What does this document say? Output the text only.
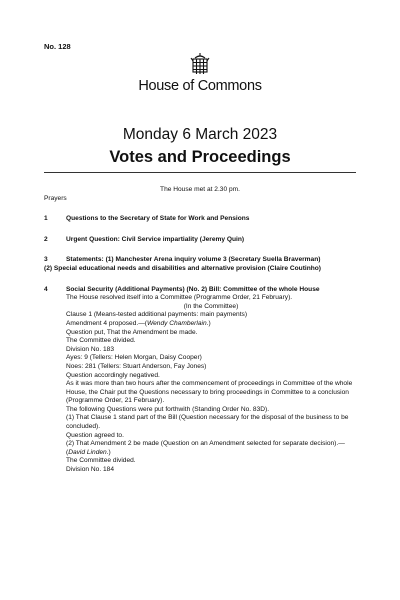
No. 128
House of Commons
Monday 6 March 2023
Votes and Proceedings

The House met at 2.30 pm.

Prayers

1	Questions to the Secretary of State for Work and Pensions
2	Urgent Question: Civil Service impartiality (Jeremy Quin)
3	Statements: (1) Manchester Arena inquiry volume 3 (Secretary Suella Braverman)

(2) Special educational needs and disabilities and alternative provision (Claire Coutinho)

4	Social Security (Additional Payments) (No. 2) Bill: Committee of the whole House

The House resolved itself into a Committee (Programme Order, 21 February).

(In the Committee)

Clause 1 (Means-tested additional payments: main payments)

Amendment 4 proposed.—(Wendy Chamberlain.)

Question put, That the Amendment be made.

The Committee divided.

Division No. 183

Ayes: 9 (Tellers: Helen Morgan, Daisy Cooper)

Noes: 281 (Tellers: Stuart Anderson, Fay Jones)

Question accordingly negatived.

As it was more than two hours after the commencement of proceedings in Committee of the whole House, the Chair put the Questions necessary to bring proceedings in Committee to a conclusion (Programme Order, 21 February).

The following Questions were put forthwith (Standing Order No. 83D).

(1) That Clause 1 stand part of the Bill (Question necessary for the disposal of the business to be concluded).

Question agreed to.

(2) That Amendment 2 be made (Question on an Amendment selected for separate decision).—(David Linden.)

The Committee divided.

Division No. 184
